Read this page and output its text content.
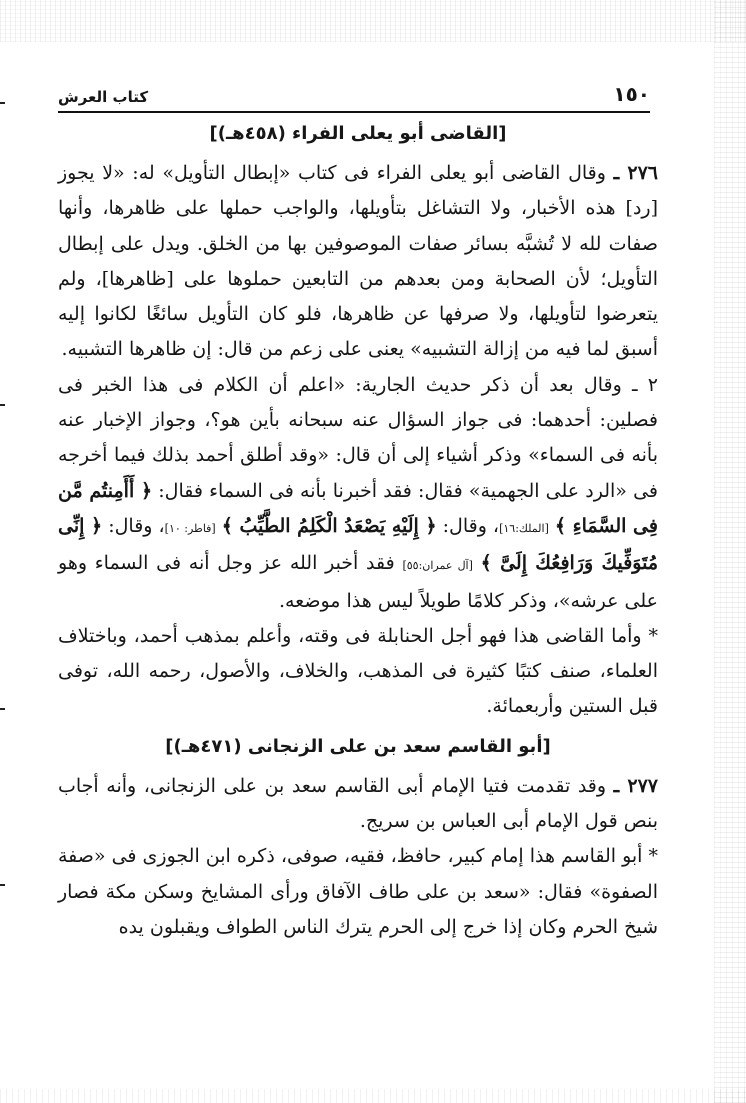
كتاب العرش	١٥٠

[القاضى أبو يعلى الفراء (٤٥٨هـ)]

٢٧٦ ـ وقال القاضى أبو يعلى الفراء فى كتاب «إبطال التأويل» له: «لا يجوز [رد] هذه الأخبار، ولا التشاغل بتأويلها، والواجب حملها على ظاهرها، وأنها صفات لله لا تُشبَّه بسائر صفات الموصوفين بها من الخلق. ويدل على إبطال التأويل؛ لأن الصحابة ومن بعدهم من التابعين حملوها على [ظاهرها]، ولم يتعرضوا لتأويلها، ولا صرفها عن ظاهرها، فلو كان التأويل سائغًا لكانوا إليه أسبق لما فيه من إزالة التشبيه» يعنى على زعم من قال: إن ظاهرها التشبيه.

٢ ـ وقال بعد أن ذكر حديث الجارية: «اعلم أن الكلام فى هذا الخبر فى فصلين: أحدهما: فى جواز السؤال عنه سبحانه بأين هو؟، وجواز الإخبار عنه بأنه فى السماء» وذكر أشياء إلى أن قال: «وقد أطلق أحمد بذلك فيما أخرجه فى «الرد على الجهمية» فقال: فقد أخبرنا بأنه فى السماء فقال: ﴿ أَأَمِنتُم مَّن فِى السَّمَاءِ ﴾ [الملك:١٦]، وقال: ﴿ إِلَيْهِ يَصْعَدُ الْكَلِمُ الطَّيِّبُ ﴾ [فاطر: ١٠]، وقال: ﴿ إِنِّى مُتَوَفِّيكَ وَرَافِعُكَ إِلَىَّ ﴾ [آل عمران:٥٥] فقد أخبر الله عز وجل أنه فى السماء وهو على عرشه»، وذكر كلامًا طويلاً ليس هذا موضعه.

* وأما القاضى هذا فهو أجل الحنابلة فى وقته، وأعلم بمذهب أحمد، وباختلاف العلماء، صنف كتبًا كثيرة فى المذهب، والخلاف، والأصول، رحمه الله، توفى قبل الستين وأربعمائة.

[أبو القاسم سعد بن على الزنجانى (٤٧١هـ)]

٢٧٧ ـ وقد تقدمت فتيا الإمام أبى القاسم سعد بن على الزنجانى، وأنه أجاب بنص قول الإمام أبى العباس بن سريج.

* أبو القاسم هذا إمام كبير، حافظ، فقيه، صوفى، ذكره ابن الجوزى فى «صفة الصفوة» فقال: «سعد بن على طاف الآفاق ورأى المشايخ وسكن مكة فصار شيخ الحرم وكان إذا خرج إلى الحرم يترك الناس الطواف ويقبلون يده
